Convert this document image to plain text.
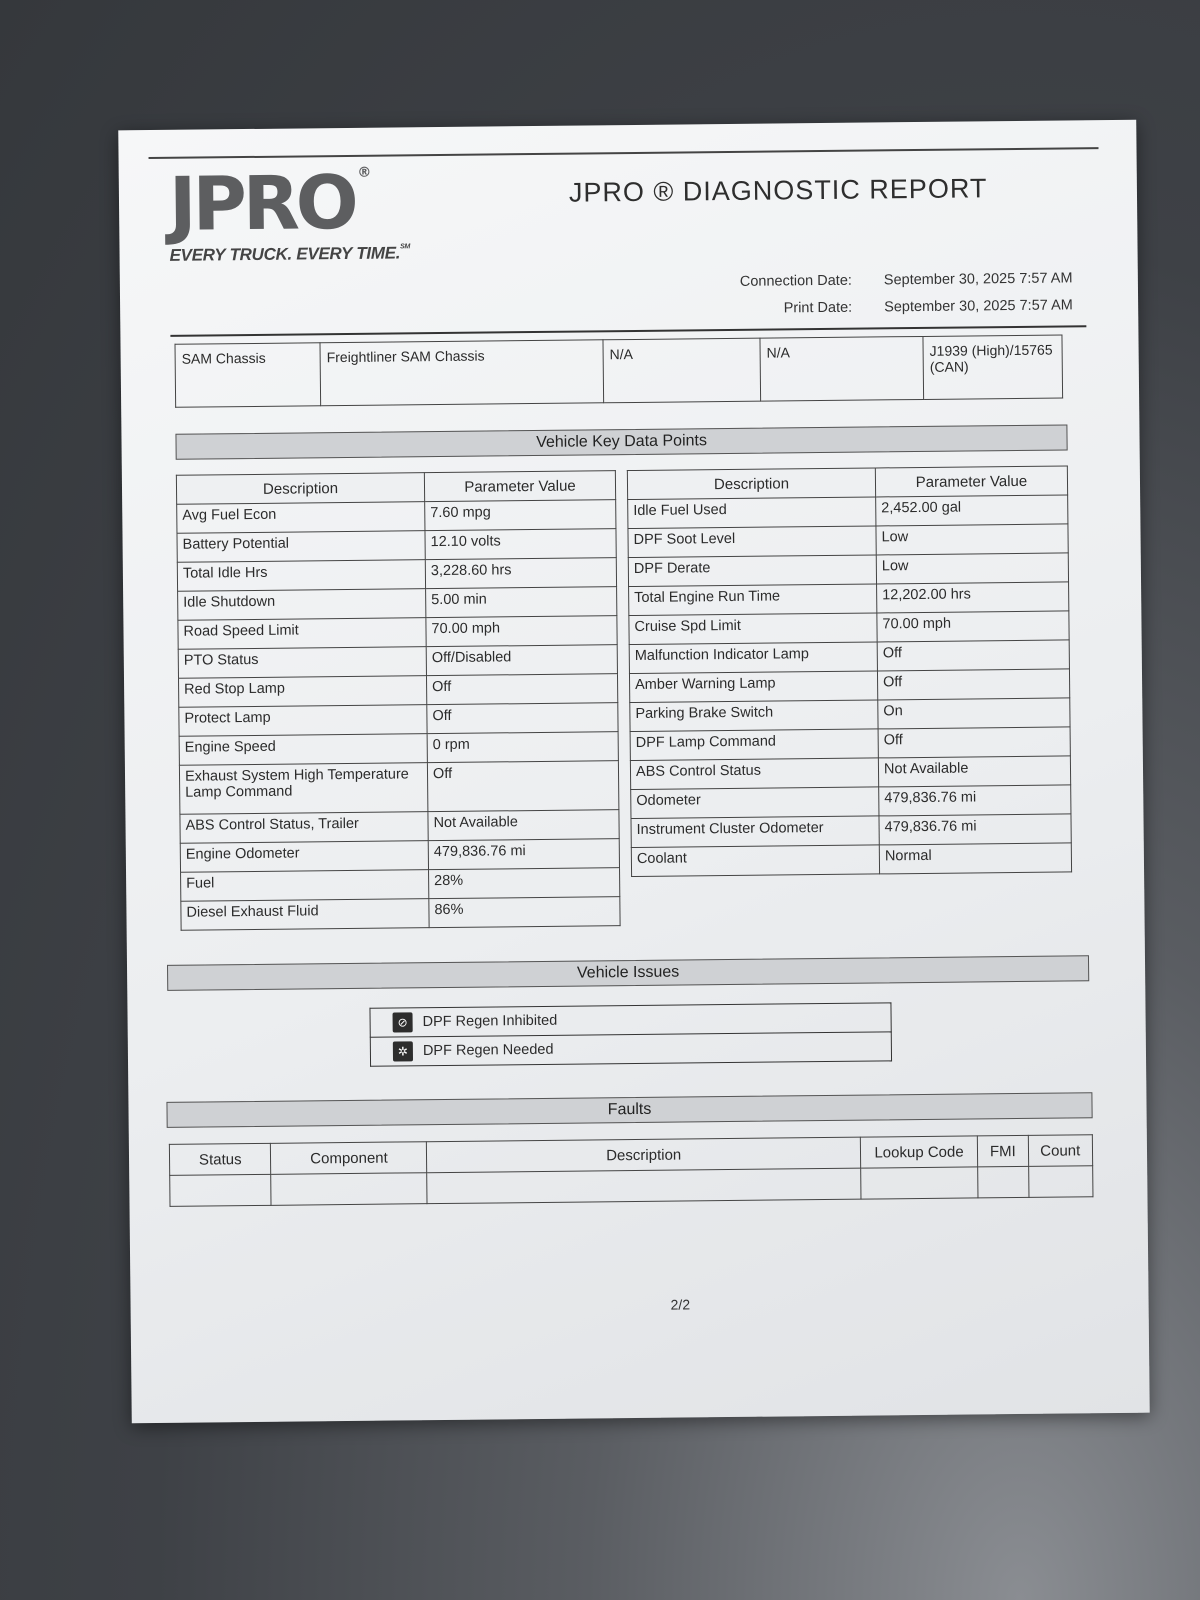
JPRO ®
EVERY TRUCK. EVERY TIME.℠
JPRO ® DIAGNOSTIC REPORT
Connection Date: September 30, 2025 7:57 AM
Print Date: September 30, 2025 7:57 AM
SAM Chassis	Freightliner SAM Chassis	N/A	N/A	J1939 (High)/15765 (CAN)
Vehicle Key Data Points
Description	Parameter Value
Avg Fuel Econ	7.60 mpg
Battery Potential	12.10 volts
Total Idle Hrs	3,228.60 hrs
Idle Shutdown	5.00 min
Road Speed Limit	70.00 mph
PTO Status	Off/Disabled
Red Stop Lamp	Off
Protect Lamp	Off
Engine Speed	0 rpm
Exhaust System High Temperature Lamp Command	Off
ABS Control Status, Trailer	Not Available
Engine Odometer	479,836.76 mi
Fuel	28%
Diesel Exhaust Fluid	86%
Description	Parameter Value
Idle Fuel Used	2,452.00 gal
DPF Soot Level	Low
DPF Derate	Low
Total Engine Run Time	12,202.00 hrs
Cruise Spd Limit	70.00 mph
Malfunction Indicator Lamp	Off
Amber Warning Lamp	Off
Parking Brake Switch	On
DPF Lamp Command	Off
ABS Control Status	Not Available
Odometer	479,836.76 mi
Instrument Cluster Odometer	479,836.76 mi
Coolant	Normal
Vehicle Issues
⊘ DPF Regen Inhibited
✲ DPF Regen Needed
Faults
Status	Component	Description	Lookup Code	FMI	Count

2/2
